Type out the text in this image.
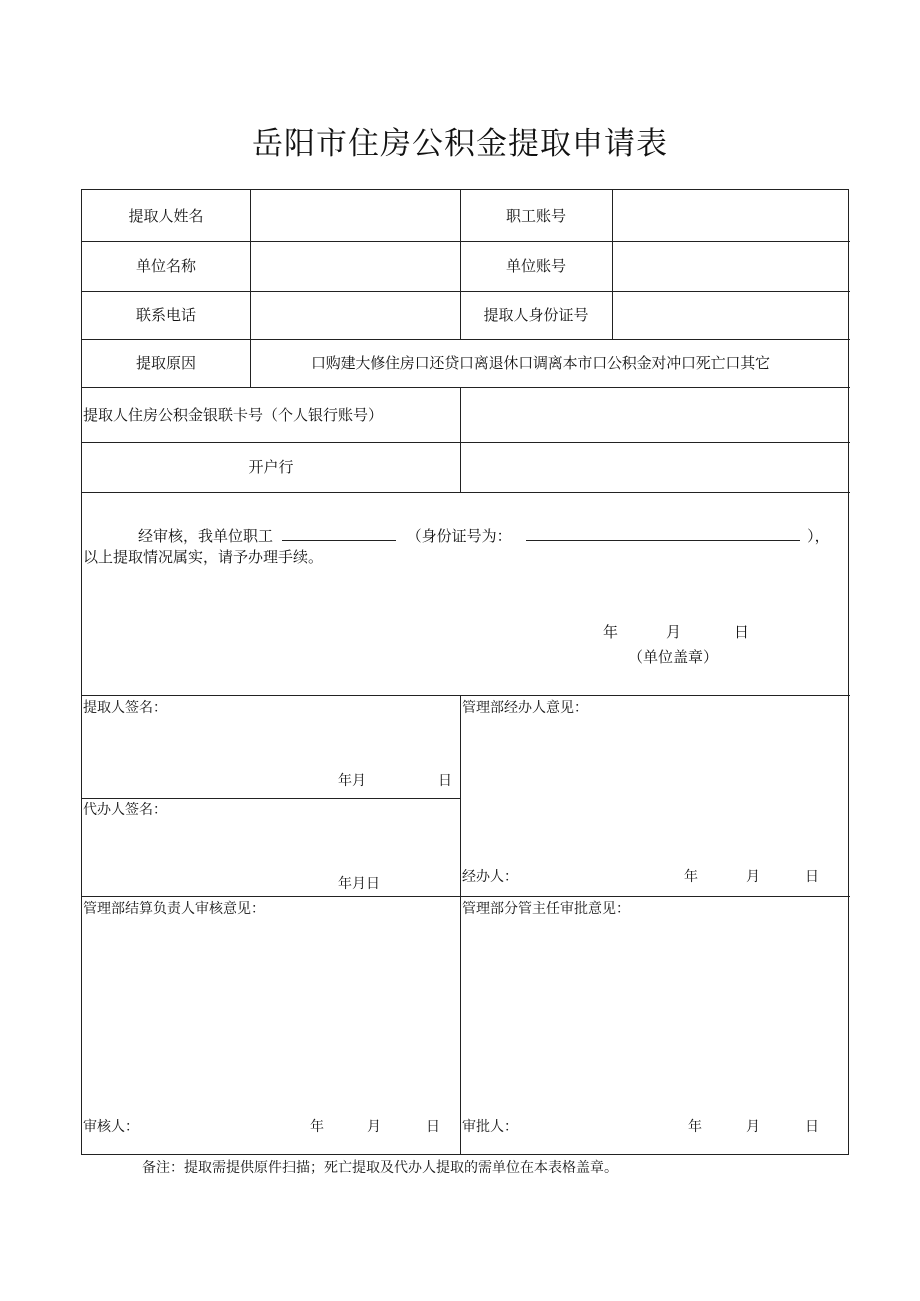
岳阳市住房公积金提取申请表
提取人姓名	职工账号
单位名称	单位账号
联系电话	提取人身份证号
提取原因	口购建大修住房口还贷口离退休口调离本市口公积金对冲口死亡口其它
提取人住房公积金银联卡号（个人银行账号）
开户行
经审核，我单位职工	（身份证号为：	），
以上提取情况属实，请予办理手续。
年	月	日
（单位盖章）
提取人签名：
年月	日
代办人签名：
年月日
管理部经办人意见：
经办人：	年	月	日
管理部结算负责人审核意见：
审核人：	年	月	日
管理部分管主任审批意见：
审批人：	年	月	日
备注：提取需提供原件扫描；死亡提取及代办人提取的需单位在本表格盖章。
